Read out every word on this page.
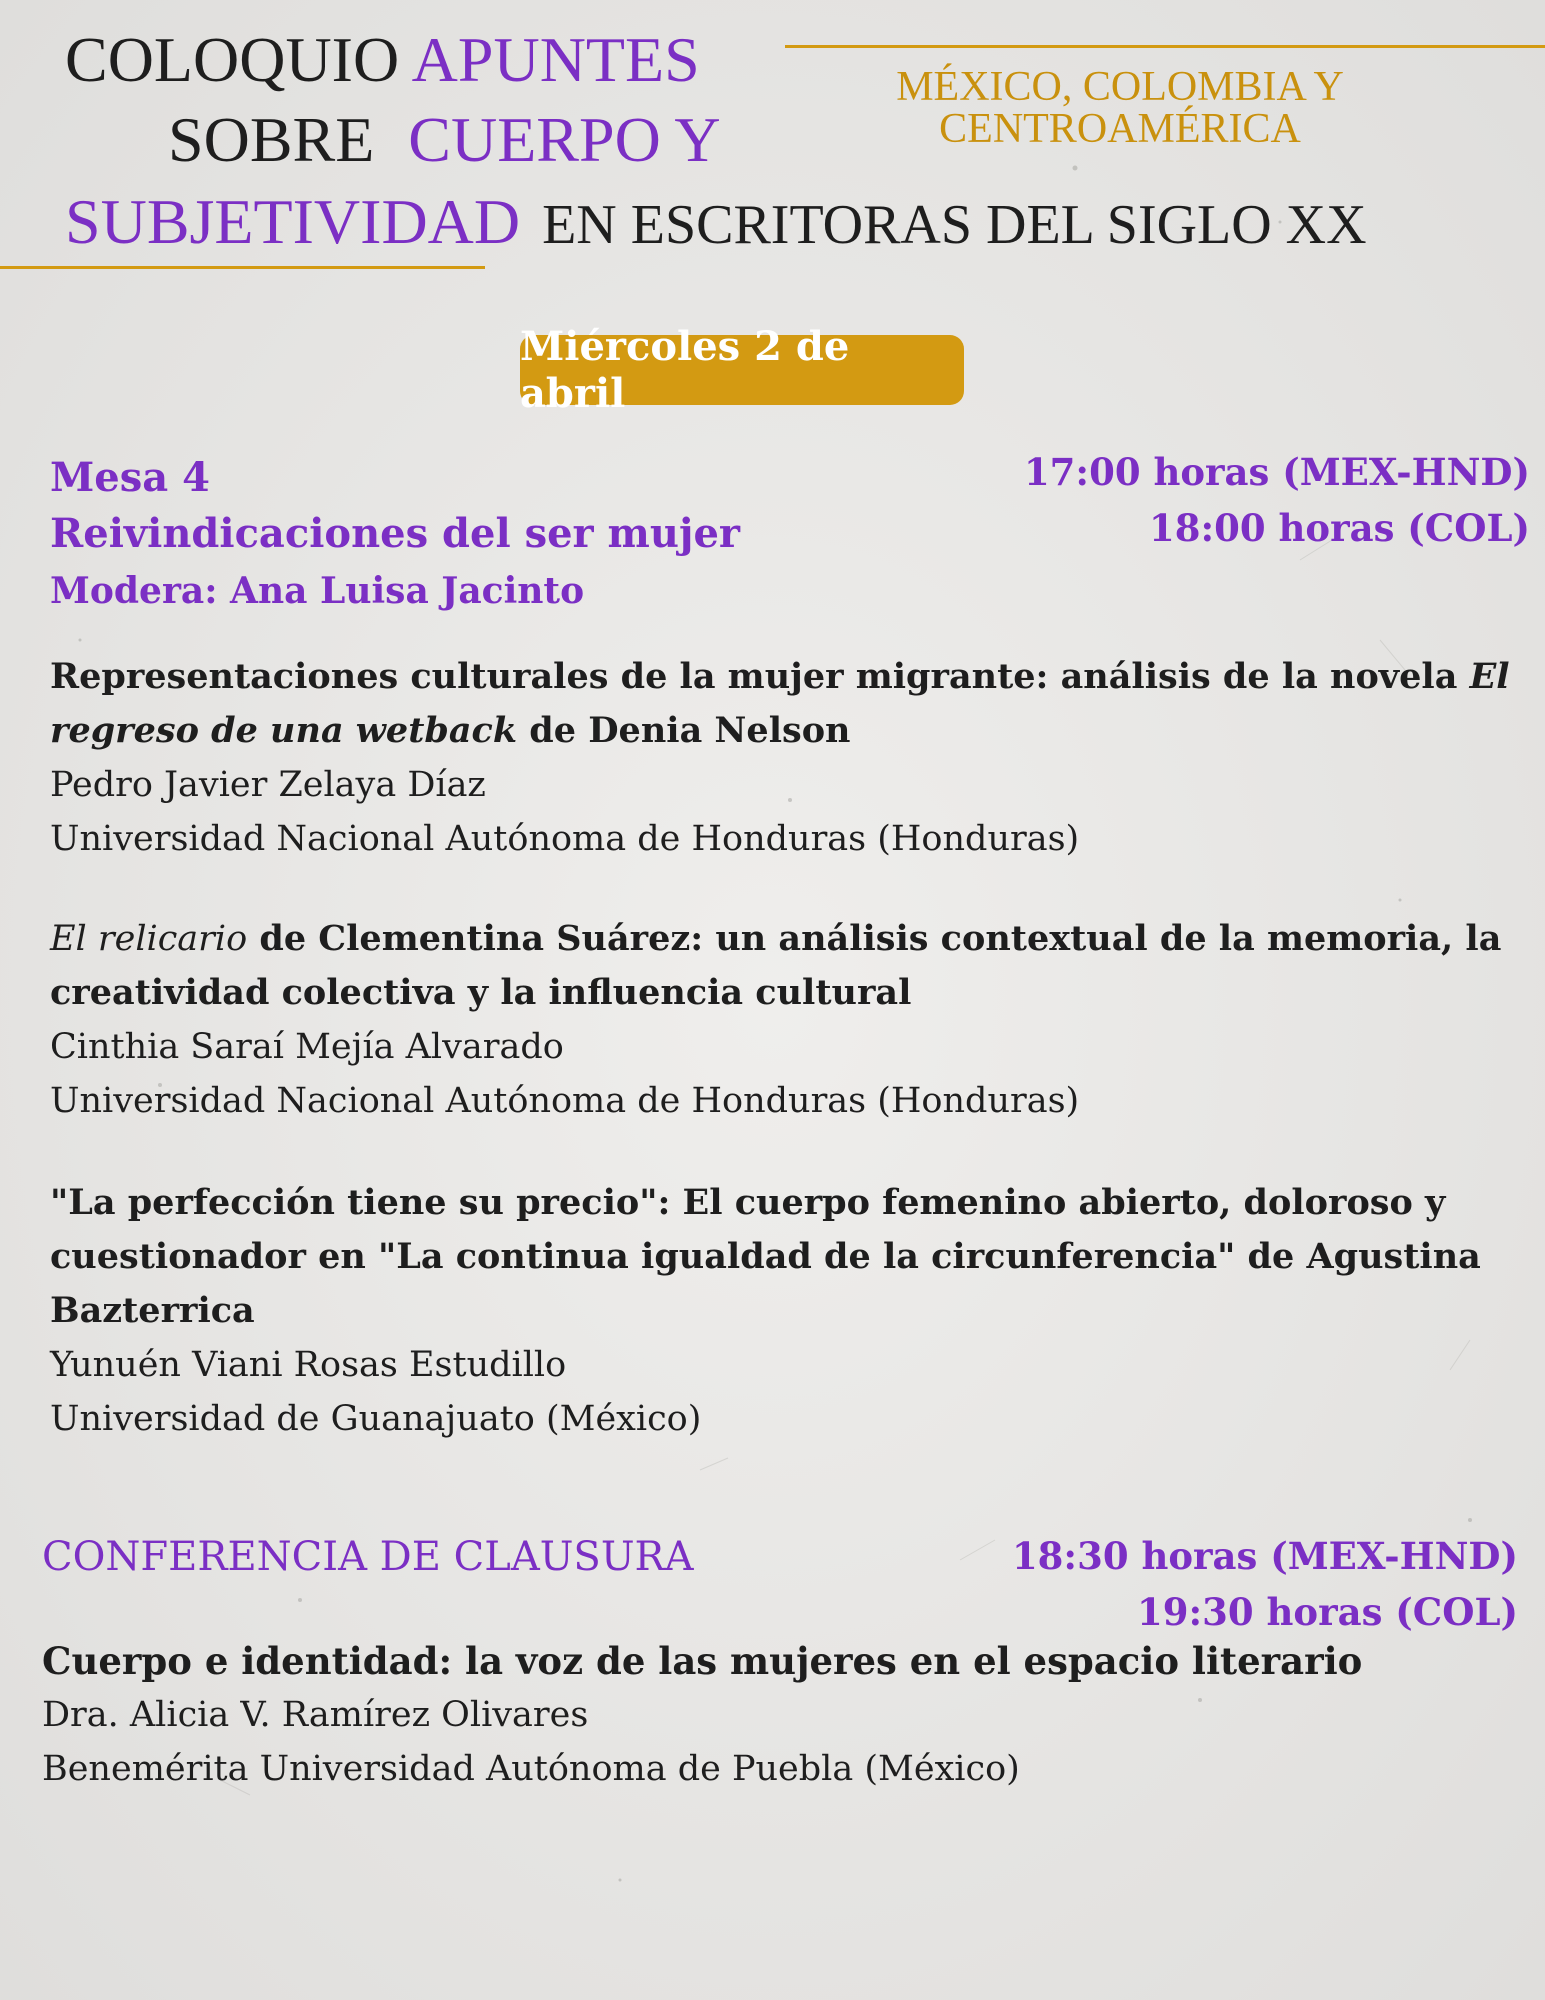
COLOQUIO APUNTES
SOBRE CUERPO Y
SUBJETIVIDAD EN ESCRITORAS DEL SIGLO XX
MÉXICO, COLOMBIA Y
CENTROAMÉRICA
Miércoles 2 de abril
Mesa 4
Reivindicaciones del ser mujer
Modera: Ana Luisa Jacinto
17:00 horas (MEX-HND)
18:00 horas (COL)
Representaciones culturales de la mujer migrante: análisis de la novela El
regreso de una wetback de Denia Nelson
Pedro Javier Zelaya Díaz
Universidad Nacional Autónoma de Honduras (Honduras)
El relicario de Clementina Suárez: un análisis contextual de la memoria, la
creatividad colectiva y la influencia cultural
Cinthia Saraí Mejía Alvarado
Universidad Nacional Autónoma de Honduras (Honduras)
"La perfección tiene su precio": El cuerpo femenino abierto, doloroso y
cuestionador en "La continua igualdad de la circunferencia" de Agustina
Bazterrica
Yunuén Viani Rosas Estudillo
Universidad de Guanajuato (México)
CONFERENCIA DE CLAUSURA	18:30 horas (MEX-HND)
19:30 horas (COL)
Cuerpo e identidad: la voz de las mujeres en el espacio literario
Dra. Alicia V. Ramírez Olivares
Benemérita Universidad Autónoma de Puebla (México)
